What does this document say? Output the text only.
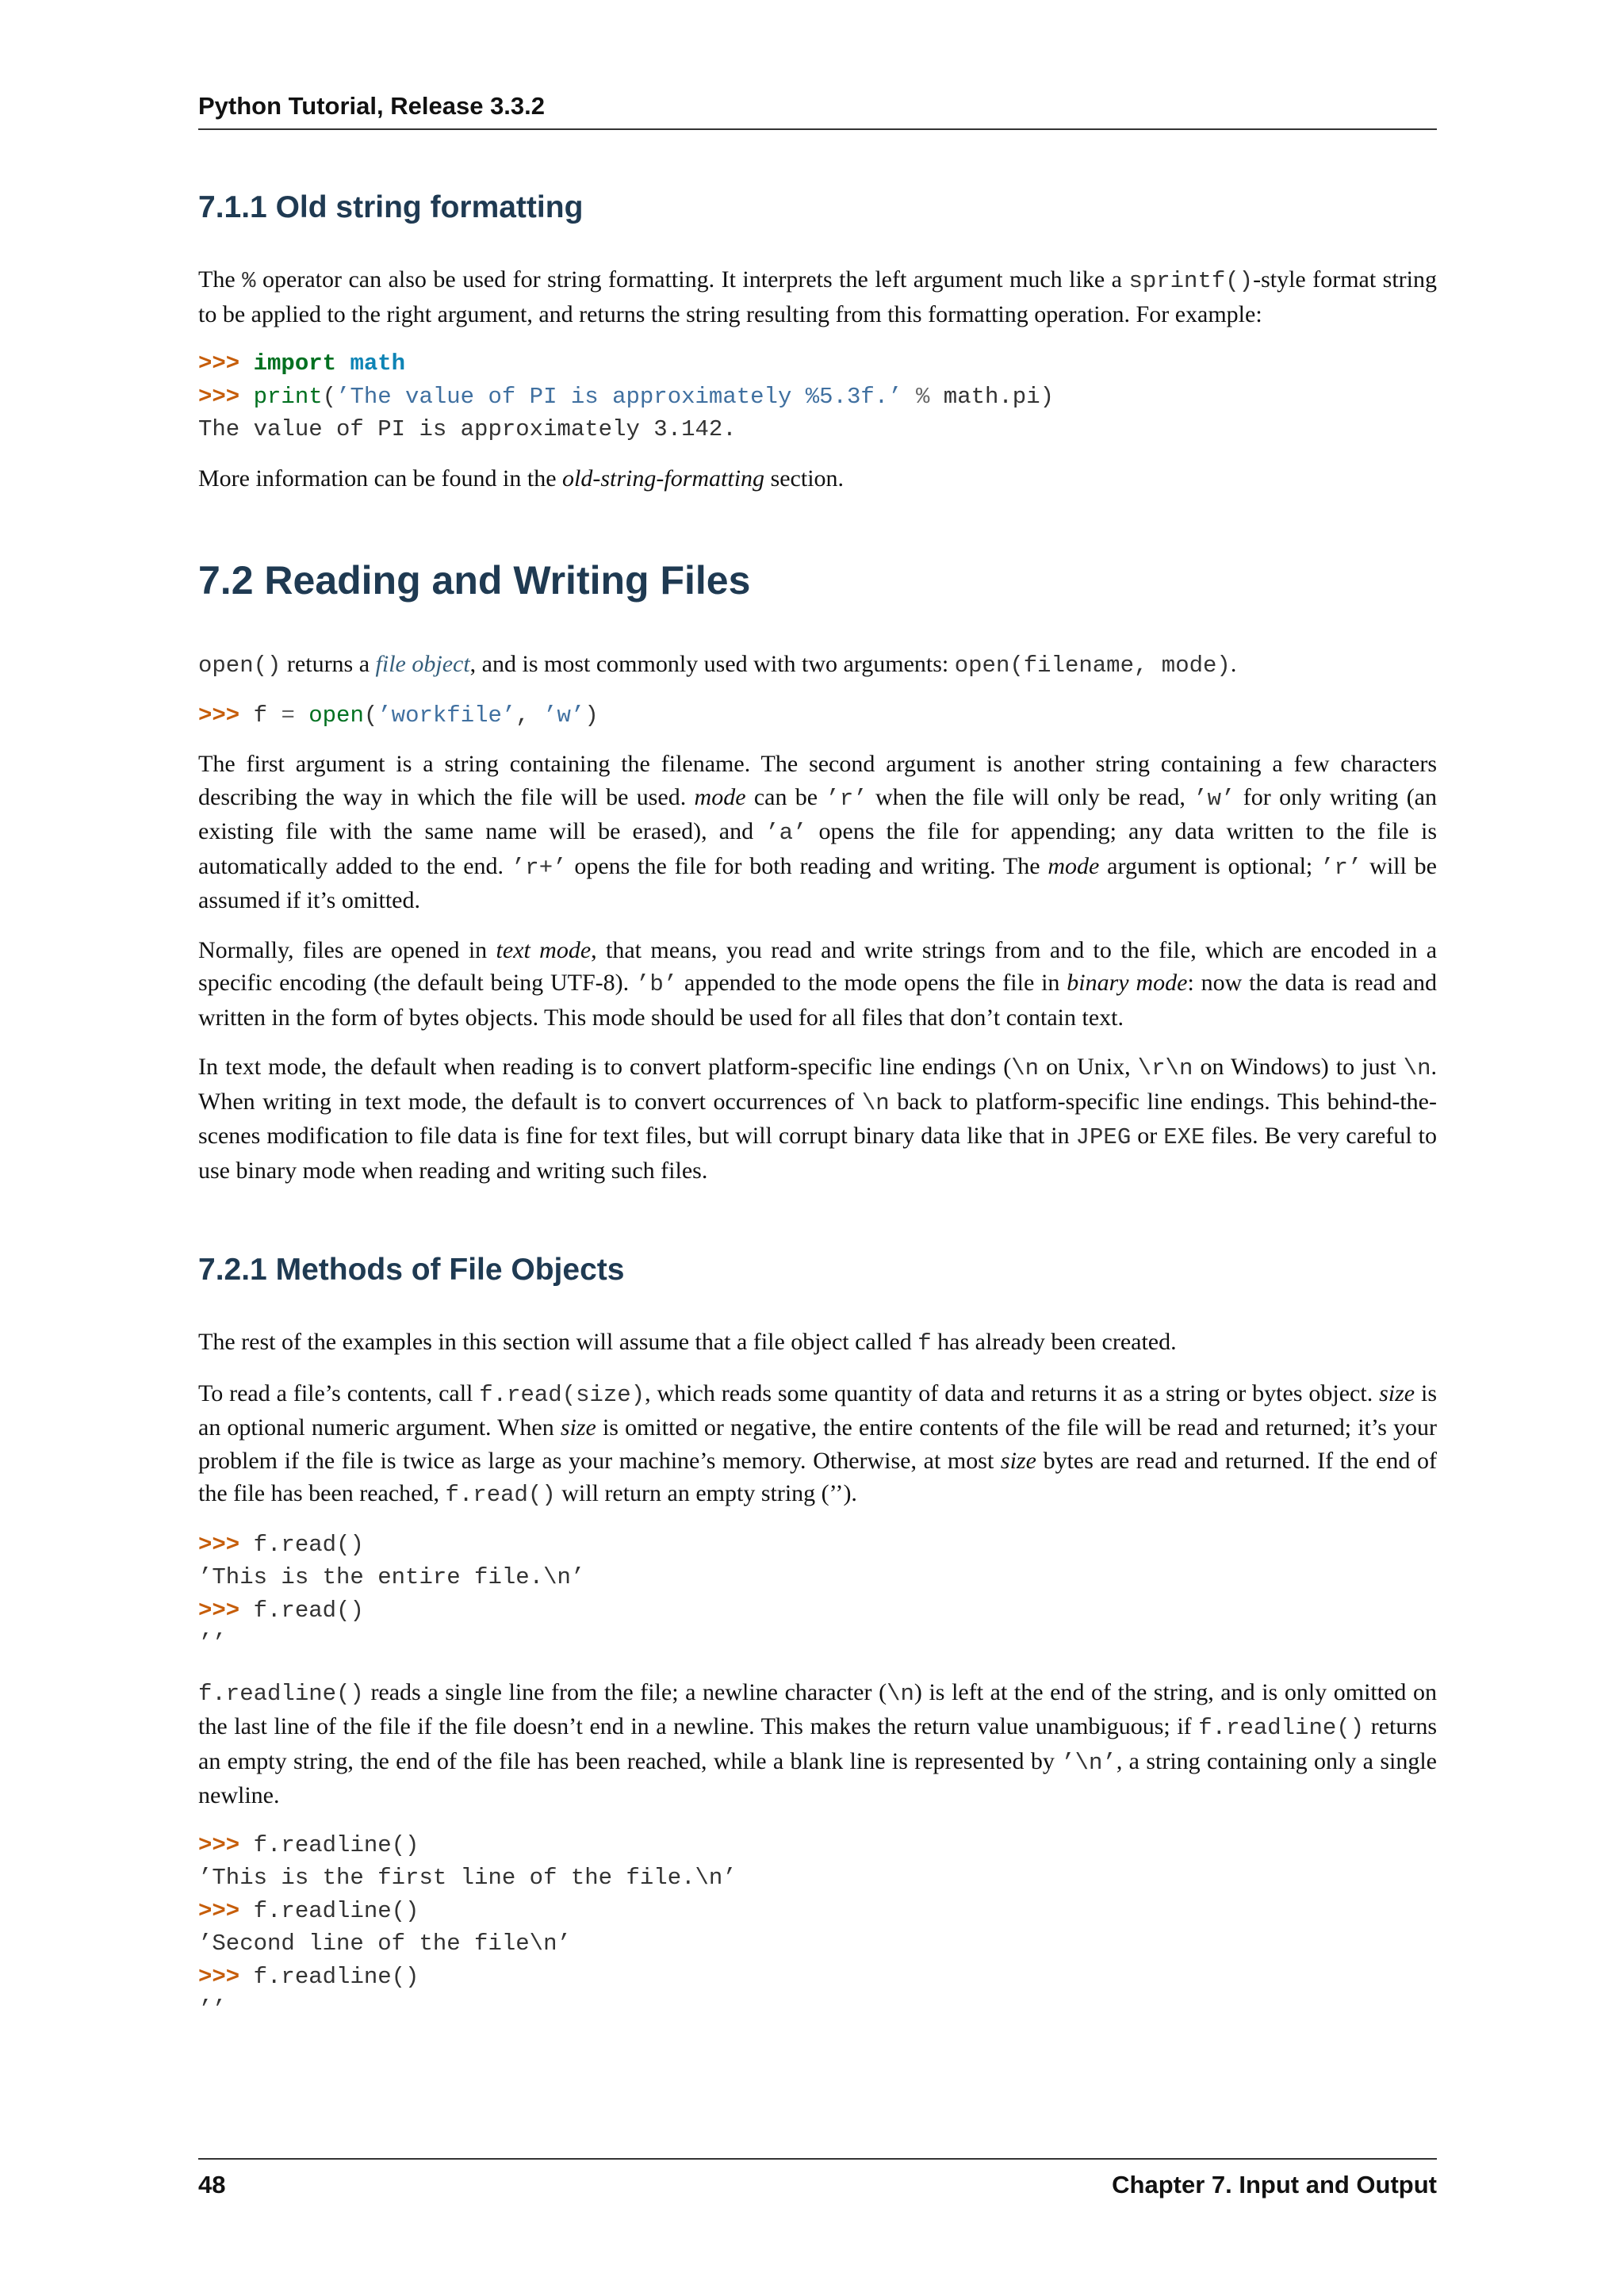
Python Tutorial, Release 3.3.2
7.1.1 Old string formatting

The % operator can also be used for string formatting. It interprets the left argument much like a sprintf()-style format string to be applied to the right argument, and returns the string resulting from this formatting operation. For example:

>>> import math
>>> print(’The value of PI is approximately %5.3f.’ % math.pi)
The value of PI is approximately 3.142.

More information can be found in the old-string-formatting section.

7.2 Reading and Writing Files

open() returns a file object, and is most commonly used with two arguments: open(filename, mode).

>>> f = open(’workfile’, ’w’)

The first argument is a string containing the filename. The second argument is another string containing a few characters describing the way in which the file will be used. mode can be ’r’ when the file will only be read, ’w’ for only writing (an existing file with the same name will be erased), and ’a’ opens the file for appending; any data written to the file is automatically added to the end. ’r+’ opens the file for both reading and writing. The mode argument is optional; ’r’ will be assumed if it’s omitted.

Normally, files are opened in text mode, that means, you read and write strings from and to the file, which are encoded in a specific encoding (the default being UTF-8). ’b’ appended to the mode opens the file in binary mode: now the data is read and written in the form of bytes objects. This mode should be used for all files that don’t contain text.

In text mode, the default when reading is to convert platform-specific line endings (\n on Unix, \r\n on Windows) to just \n. When writing in text mode, the default is to convert occurrences of \n back to platform-specific line endings. This behind-the-scenes modification to file data is fine for text files, but will corrupt binary data like that in JPEG or EXE files. Be very careful to use binary mode when reading and writing such files.

7.2.1 Methods of File Objects

The rest of the examples in this section will assume that a file object called f has already been created.

To read a file’s contents, call f.read(size), which reads some quantity of data and returns it as a string or bytes object. size is an optional numeric argument. When size is omitted or negative, the entire contents of the file will be read and returned; it’s your problem if the file is twice as large as your machine’s memory. Otherwise, at most size bytes are read and returned. If the end of the file has been reached, f.read() will return an empty string (’’).

>>> f.read()
’This is the entire file.\n’
>>> f.read()
’’

f.readline() reads a single line from the file; a newline character (\n) is left at the end of the string, and is only omitted on the last line of the file if the file doesn’t end in a newline. This makes the return value unambiguous; if f.readline() returns an empty string, the end of the file has been reached, while a blank line is represented by ’\n’, a string containing only a single newline.

>>> f.readline()
’This is the first line of the file.\n’
>>> f.readline()
’Second line of the file\n’
>>> f.readline()
’’
48	Chapter 7. Input and Output
